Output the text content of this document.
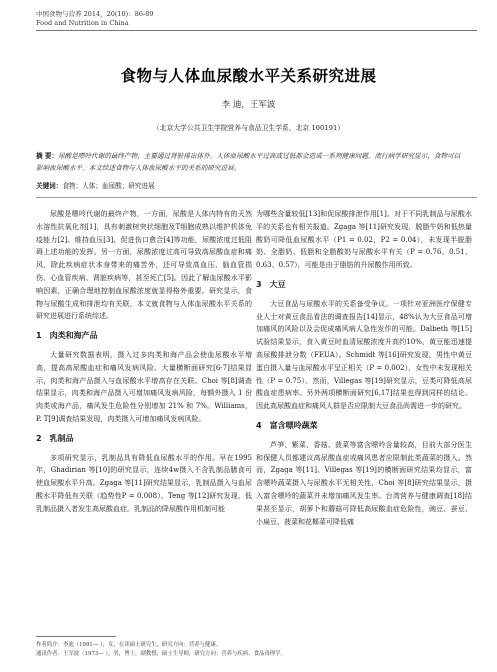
中国食物与营养 2014，20(10)：86-89
Food and Nutrition in China
食物与人体血尿酸水平关系研究进展
李 迪，王军波
（北京大学公共卫生学院营养与食品卫生学系，北京 100191）
摘 要：尿酸是嘌呤代谢的最终产物，主要通过肾脏排出体外。人体血尿酸水平过高或过低都会造成一系列健康问题。流行病学研究显示，食物可以影响血尿酸水平。本文综述食物与人体血尿酸水平的关系的研究进展。
关键词：食物；人体；血尿酸；研究进展

尿酸是嘌呤代谢的最终产物，一方面，尿酸是人体内特有的天然水溶性抗氧化剂[1]，具有刺激树突状细胞及T细胞成熟以维护机体免疫能力[2]、维持血压[3]、促进伤口愈合[4]等功能，尿酸浓度过低阻碍上述功能的发挥。另一方面，尿酸浓度过高可导致高尿酸血症和痛风，除此疾病症状本身带来的痛苦外，还可导致高血压、脑血管损伤、心血管疾病、肾脏疾病等，甚至死亡[5]。因此了解血尿酸水平影响因素，正确合理地控制血尿酸浓度就显得格外重要。研究显示，食物与尿酸生成和排泄均有关联，本文就食物与人体血尿酸水平关系的研究进展进行系统综述。

1 肉类和海产品

大量研究数据表明，摄入过多肉类和海产品会使血尿酸水平增高，提高高尿酸血症和痛风发病风险。大量横断面研究[6-7]结果显示，肉类和海产品摄入与血尿酸水平增高存在关联。Choi 等[8]调查结果显示，肉类和海产品摄入可增加痛风发病风险，每额外摄入 1 份肉类或海产品，痛风发生危险性分别增加 21% 和 7%。Williams，P. T[9]调查结果发现，肉类摄入可增加痛风发病风险。

2 乳制品

多项研究显示，乳制品具有降低血尿酸水平的作用。早在1995年，Ghadirian 等[10]的研究显示，连续4w摄入不含乳制品膳食可使血尿酸水平升高。Zgaga 等[11]研究结果显示，乳制品摄入与血尿酸水平降低有关联（趋势性P = 0.008）。Teng 等[12]研究发现，低乳制品摄入者发生高尿酸血症。乳制品的降尿酸作用机制可能

为哪些含量较低[13]和促尿酸排泄作用[1]。对于不同乳制品与尿酸水平的关系也有相关报道。Zgaga 等[11]研究发现，脱脂牛奶和低热量酸奶可降低血尿酸水平（P1 = 0.02，P2 = 0.04），未发现半脱脂奶、全脂奶、低脂和全脂酸奶与尿酸水平有关（P = 0.76、0.51、0.63、0.57），可能是由于脂肪的升尿酸作用所致。

3 大豆

大豆食品与尿酸水平的关系备受争议。一项针对亚洲医疗保健专业人士对黄豆食品看法的调查报告[14]显示，48%认为大豆食品可增加痛风的风险以及会促成痛风病人急性发作的可能。Dalbeth 等[15]试验结果显示，食入黄豆时血清尿酸浓度升高约10%，黄豆能迅速提高尿酸排泄分数（FEUA）。Schmidt 等[16]研究发现，男性中黄豆蛋白摄入量与血尿酸水平呈正相关（P = 0.002），女性中未发现相关性（P = 0.75）。然而，Villegas 等[19]研究显示，豆类可降低高尿酸血症患病率。另外两项横断面研究[6,17]结果也得到同样的结论。因此高尿酸血症和痛风人群是否应限制大豆食品尚需进一步的研究。

4 富含嘌呤蔬菜

芦笋、紫菜、香菇、菠菜等富含嘌呤含量较高，目前大部分医生和保健人员都建议高尿酸血症或痛风患者应限制此类蔬菜的摄入。然而，Zgaga 等[11]、Villegas 等[19]的横断面研究结果均显示，富含嘌呤蔬菜摄入与尿酸水平无相关性，Choi 等[8]研究结果显示，摄入富含嘌呤的蔬菜并未增加痛风发生率。台湾营养与健康调查[18]结果甚至显示，胡萝卜和蘑菇可降低高尿酸血症危险性，豌豆、蚕豆、小扁豆、菠菜和花椰菜可降低痛

作者简介：李迪（1991— ），女，在读硕士研究生，研究方向：营养与健康。
通讯作者：王军波（1973— ），男，博士，副教授，硕士生导师，研究方向：营养与疾病、食品毒理学。
